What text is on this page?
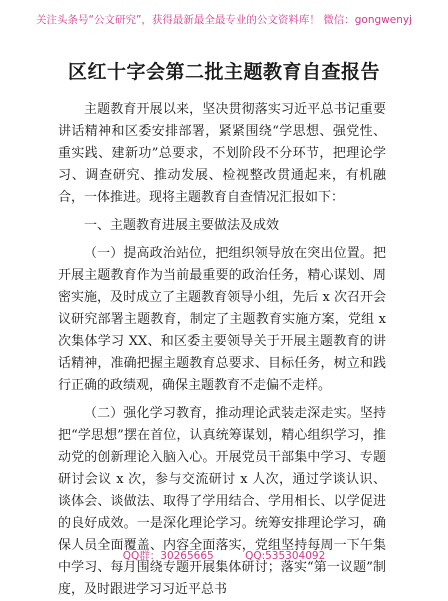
关注头条号“公文研究”，获得最新最全最专业的公文资料库！ 微信：gongwenyj
区红十字会第二批主题教育自查报告

主题教育开展以来，坚决贯彻落实习近平总书记重要讲话精神和区委安排部署，紧紧围绕“学思想、强党性、重实践、建新功”总要求，不划阶段不分环节，把理论学习、调查研究、推动发展、检视整改贯通起来，有机融合，一体推进。现将主题教育自查情况汇报如下：

一、主题教育进展主要做法及成效

（一）提高政治站位，把组织领导放在突出位置。把开展主题教育作为当前最重要的政治任务，精心谋划、周密实施，及时成立了主题教育领导小组，先后 x 次召开会议研究部署主题教育，制定了主题教育实施方案，党组 x 次集体学习 XX、和区委主要领导关于开展主题教育的讲话精神，准确把握主题教育总要求、目标任务，树立和践行正确的政绩观，确保主题教育不走偏不走样。

（二）强化学习教育，推动理论武装走深走实。坚持把“学思想”摆在首位，认真统筹谋划，精心组织学习，推动党的创新理论入脑入心。开展党员干部集中学习、专题研讨会议 x 次，参与交流研讨 x 人次，通过学谈认识、谈体会、谈做法、取得了学用结合、学用相长、以学促进的良好成效。一是深化理论学习。统筹安排理论学习，确保人员全面覆盖、内容全面落实，党组坚持每周一下午集中学习、每月围绕专题开展集体研讨；落实“第一议题”制度，及时跟进学习习近平总书

QQ群：30265665	QQ:535304092
